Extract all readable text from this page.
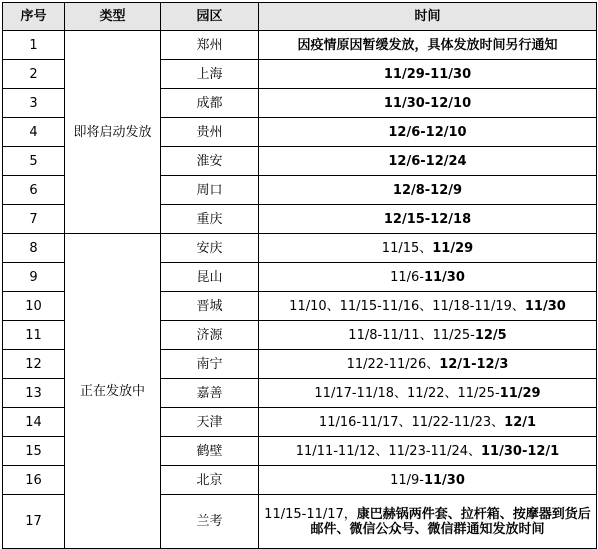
序号	类型	园区	时间
1	即将启动发放	郑州	因疫情原因暂缓发放，具体发放时间另行通知
2		上海	11/29-11/30
3		成都	11/30-12/10
4		贵州	12/6-12/10
5		淮安	12/6-12/24
6		周口	12/8-12/9
7		重庆	12/15-12/18
8	正在发放中	安庆	11/15、11/29
9		昆山	11/6-11/30
10		晋城	11/10、11/15-11/16、11/18-11/19、11/30
11		济源	11/8-11/11、11/25-12/5
12		南宁	11/22-11/26、12/1-12/3
13		嘉善	11/17-11/18、11/22、11/25-11/29
14		天津	11/16-11/17、11/22-11/23、12/1
15		鹤壁	11/11-11/12、11/23-11/24、11/30-12/1
16		北京	11/9-11/30
17		兰考	11/15-11/17，康巴赫锅两件套、拉杆箱、按摩器到货后邮件、微信公众号、微信群通知发放时间
